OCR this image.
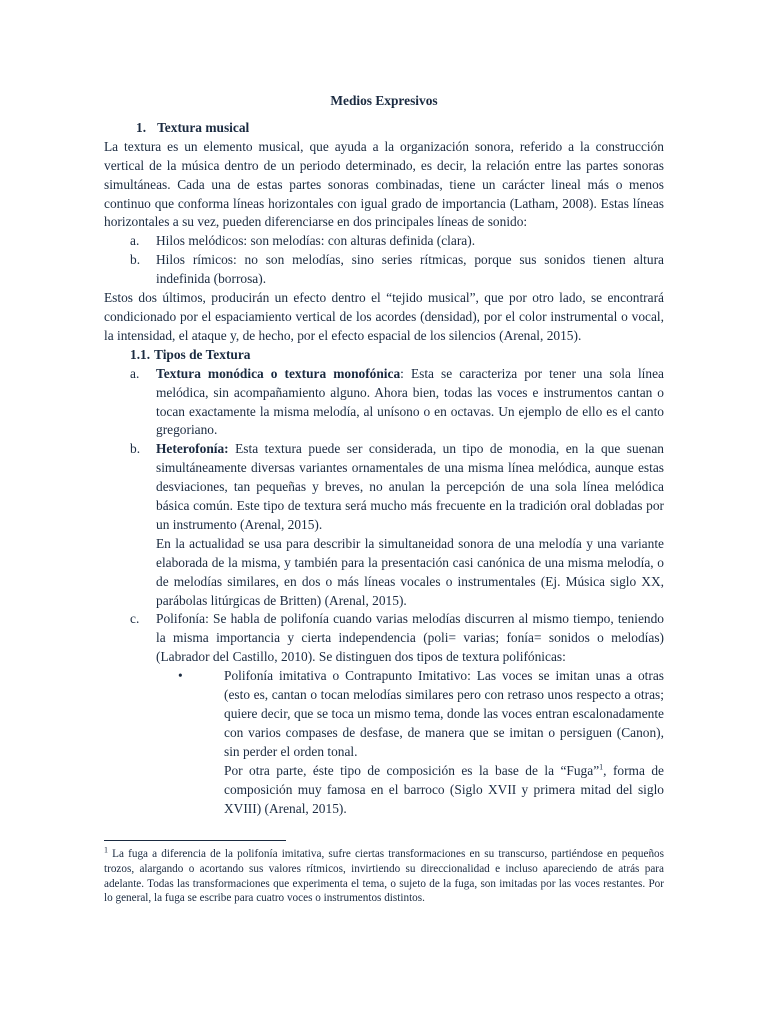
Medios Expresivos
1. Textura musical

La textura es un elemento musical, que ayuda a la organización sonora, referido a la construcción vertical de la música dentro de un periodo determinado, es decir, la relación entre las partes sonoras simultáneas. Cada una de estas partes sonoras combinadas, tiene un carácter lineal más o menos continuo que conforma líneas horizontales con igual grado de importancia (Latham, 2008). Estas líneas horizontales a su vez, pueden diferenciarse en dos principales líneas de sonido:

a. Hilos melódicos: son melodías: con alturas definida (clara).
b. Hilos rímicos: no son melodías, sino series rítmicas, porque sus sonidos tienen altura indefinida (borrosa).

Estos dos últimos, producirán un efecto dentro el “tejido musical”, que por otro lado, se encontrará condicionado por el espaciamiento vertical de los acordes (densidad), por el color instrumental o vocal, la intensidad, el ataque y, de hecho, por el efecto espacial de los silencios (Arenal, 2015).

1.1. Tipos de Textura
a. Textura monódica o textura monofónica: Esta se caracteriza por tener una sola línea melódica, sin acompañamiento alguno. Ahora bien, todas las voces e instrumentos cantan o tocan exactamente la misma melodía, al unísono o en octavas. Un ejemplo de ello es el canto gregoriano.
b. Heterofonía: Esta textura puede ser considerada, un tipo de monodia, en la que suenan simultáneamente diversas variantes ornamentales de una misma línea melódica, aunque estas desviaciones, tan pequeñas y breves, no anulan la percepción de una sola línea melódica básica común. Este tipo de textura será mucho más frecuente en la tradición oral dobladas por un instrumento (Arenal, 2015).
En la actualidad se usa para describir la simultaneidad sonora de una melodía y una variante elaborada de la misma, y también para la presentación casi canónica de una misma melodía, o de melodías similares, en dos o más líneas vocales o instrumentales (Ej. Música siglo XX, parábolas litúrgicas de Britten) (Arenal, 2015).
c. Polifonía: Se habla de polifonía cuando varias melodías discurren al mismo tiempo, teniendo la misma importancia y cierta independencia (poli= varias; fonía= sonidos o melodías) (Labrador del Castillo, 2010). Se distinguen dos tipos de textura polifónicas:
•	Polifonía imitativa o Contrapunto Imitativo: Las voces se imitan unas a otras (esto es, cantan o tocan melodías similares pero con retraso unos respecto a otras; quiere decir, que se toca un mismo tema, donde las voces entran escalonadamente con varios compases de desfase, de manera que se imitan o persiguen (Canon), sin perder el orden tonal.
Por otra parte, éste tipo de composición es la base de la “Fuga”$^1$, forma de composición muy famosa en el barroco (Siglo XVII y primera mitad del siglo XVIII) (Arenal, 2015).
$^1$ La fuga a diferencia de la polifonía imitativa, sufre ciertas transformaciones en su transcurso, partiéndose en pequeños trozos, alargando o acortando sus valores rítmicos, invirtiendo su direccionalidad e incluso apareciendo de atrás para adelante. Todas las transformaciones que experimenta el tema, o sujeto de la fuga, son imitadas por las voces restantes. Por lo general, la fuga se escribe para cuatro voces o instrumentos distintos.
